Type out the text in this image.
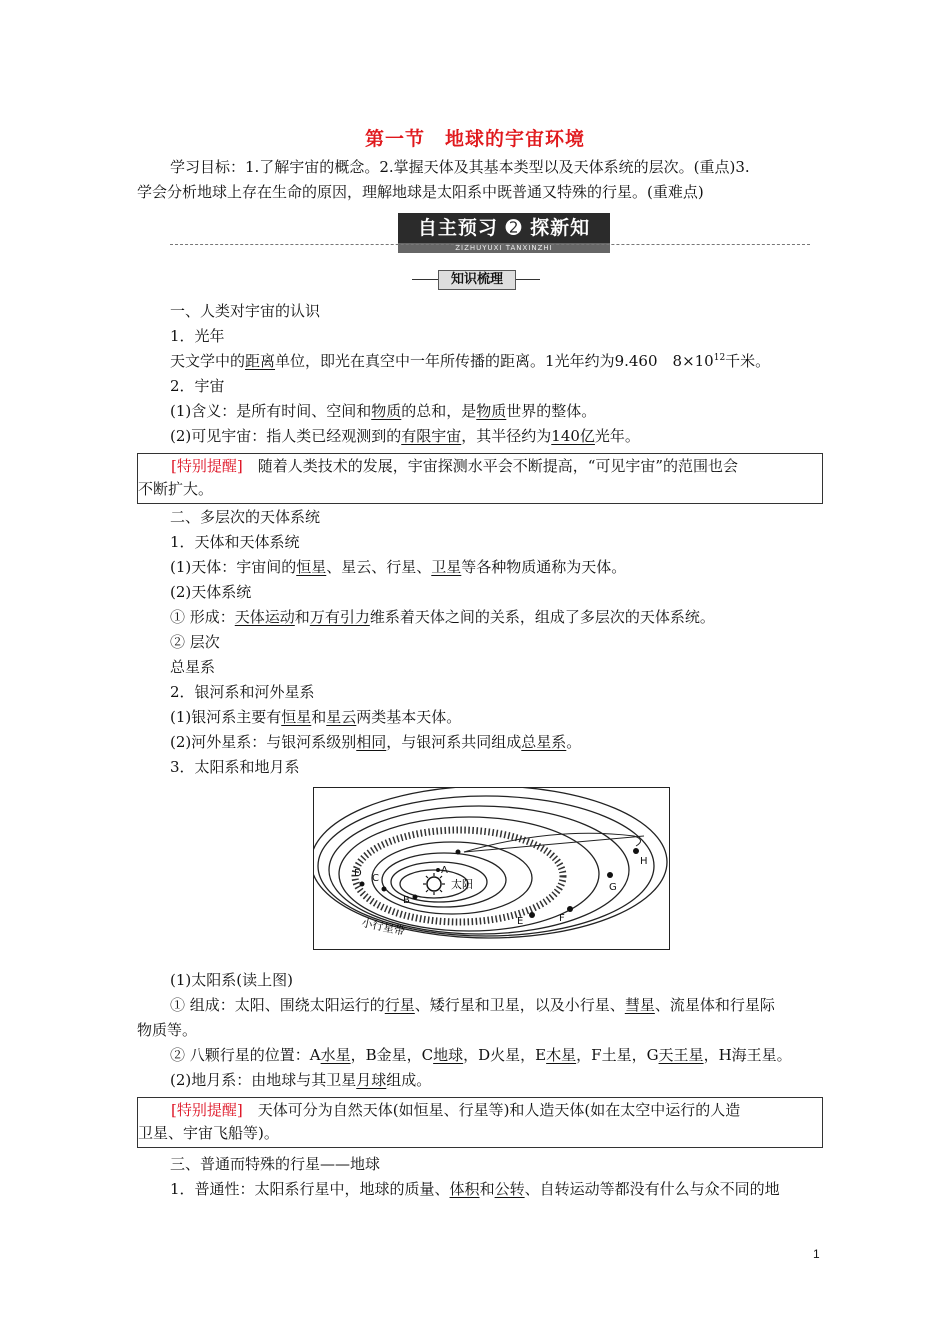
第一节　地球的宇宙环境
学习目标：1.了解宇宙的概念。2.掌握天体及其基本类型以及天体系统的层次。(重点)3.
学会分析地球上存在生命的原因，理解地球是太阳系中既普通又特殊的行星。(重难点)
自主预习 ➋ 探新知
ZIZHUYUXI TANXINZHI
知识梳理
一、人类对宇宙的认识
1．光年
天文学中的距离单位，即光在真空中一年所传播的距离。1光年约为9.460　$8\times 10^{12}$千米。
2．宇宙
(1)含义：是所有时间、空间和物质的总和，是物质世界的整体。
(2)可见宇宙：指人类已经观测到的有限宇宙，其半径约为140亿光年。
[特别提醒]　随着人类技术的发展，宇宙探测水平会不断提高，“可见宇宙”的范围也会
不断扩大。
二、多层次的天体系统
1．天体和天体系统
(1)天体：宇宙间的恒星、星云、行星、卫星等各种物质通称为天体。
(2)天体系统
① 形成：天体运动和万有引力维系着天体之间的关系，组成了多层次的天体系统。
② 层次
总星系
2．银河系和河外星系
(1)银河系主要有恒星和星云两类基本天体。
(2)河外星系：与银河系级别相同，与银河系共同组成总星系。
3．太阳系和地月系
太阳
小行星带
A
B
C
D
E	F
G
H
(1)太阳系(读上图)
① 组成：太阳、围绕太阳运行的行星、矮行星和卫星，以及小行星、彗星、流星体和行星际
物质等。
② 八颗行星的位置：A水星，B金星，C地球，D火星，E木星，F土星，G天王星，H海王星。
(2)地月系：由地球与其卫星月球组成。
[特别提醒]　天体可分为自然天体(如恒星、行星等)和人造天体(如在太空中运行的人造
卫星、宇宙飞船等)。
三、普通而特殊的行星——地球
1．普通性：太阳系行星中，地球的质量、体积和公转、自转运动等都没有什么与众不同的地
1
